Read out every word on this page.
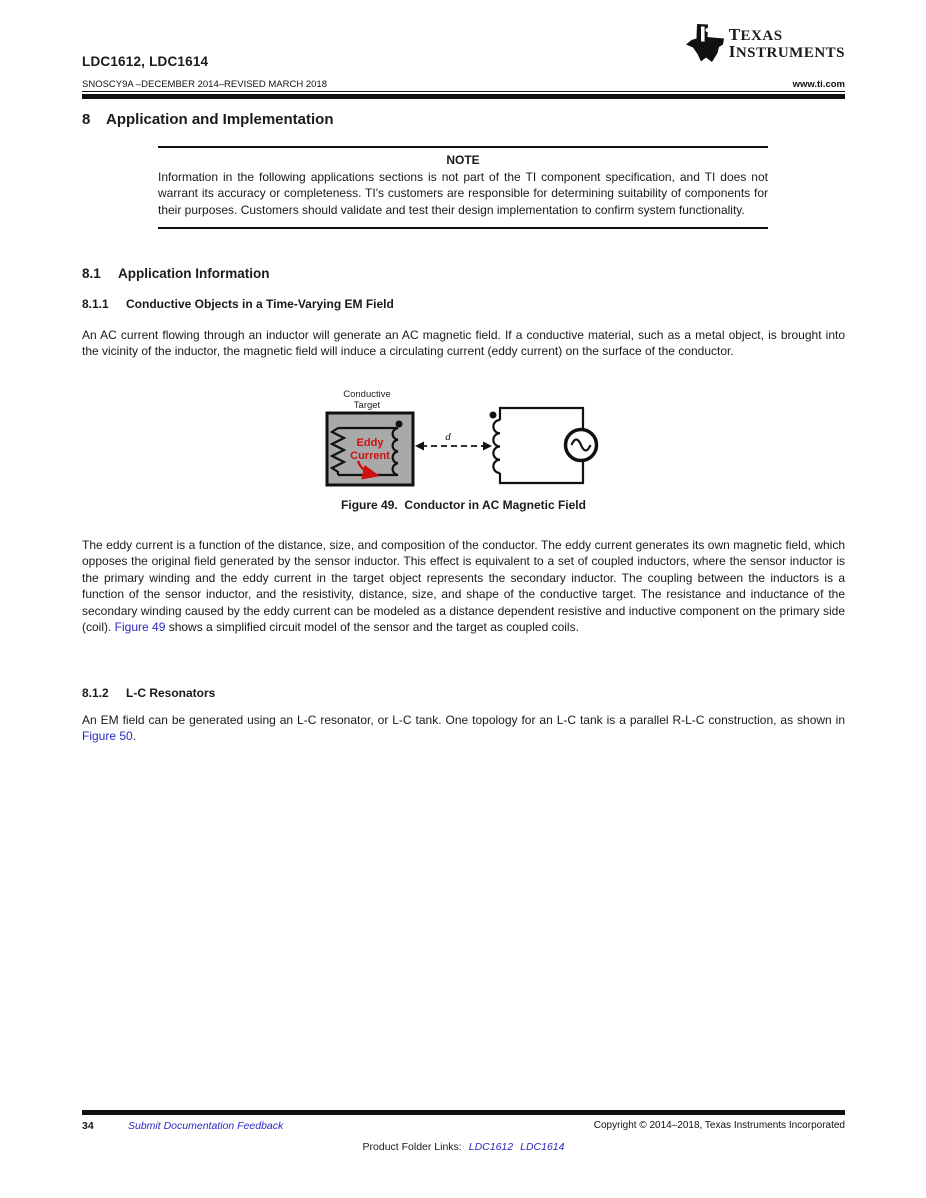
TEXAS
INSTRUMENTS
LDC1612, LDC1614
SNOSCY9A –DECEMBER 2014–REVISED MARCH 2018	www.ti.com
8 Application and Implementation
NOTE
Information in the following applications sections is not part of the TI component specification, and TI does not warrant its accuracy or completeness. TI's customers are responsible for determining suitability of components for their purposes. Customers should validate and test their design implementation to confirm system functionality.
8.1 Application Information
8.1.1 Conductive Objects in a Time-Varying EM Field
An AC current flowing through an inductor will generate an AC magnetic field. If a conductive material, such as a metal object, is brought into the vicinity of the inductor, the magnetic field will induce a circulating current (eddy current) on the surface of the conductor.
Conductive
Target
Eddy
Current
d
Figure 49.  Conductor in AC Magnetic Field
The eddy current is a function of the distance, size, and composition of the conductor. The eddy current generates its own magnetic field, which opposes the original field generated by the sensor inductor. This effect is equivalent to a set of coupled inductors, where the sensor inductor is the primary winding and the eddy current in the target object represents the secondary inductor. The coupling between the inductors is a function of the sensor inductor, and the resistivity, distance, size, and shape of the conductive target. The resistance and inductance of the secondary winding caused by the eddy current can be modeled as a distance dependent resistive and inductive component on the primary side (coil). Figure 49 shows a simplified circuit model of the sensor and the target as coupled coils.
8.1.2 L-C Resonators
An EM field can be generated using an L-C resonator, or L-C tank. One topology for an L-C tank is a parallel R-L-C construction, as shown in Figure 50.
34	Submit Documentation Feedback	Copyright © 2014–2018, Texas Instruments Incorporated
Product Folder Links: LDC1612 LDC1614
